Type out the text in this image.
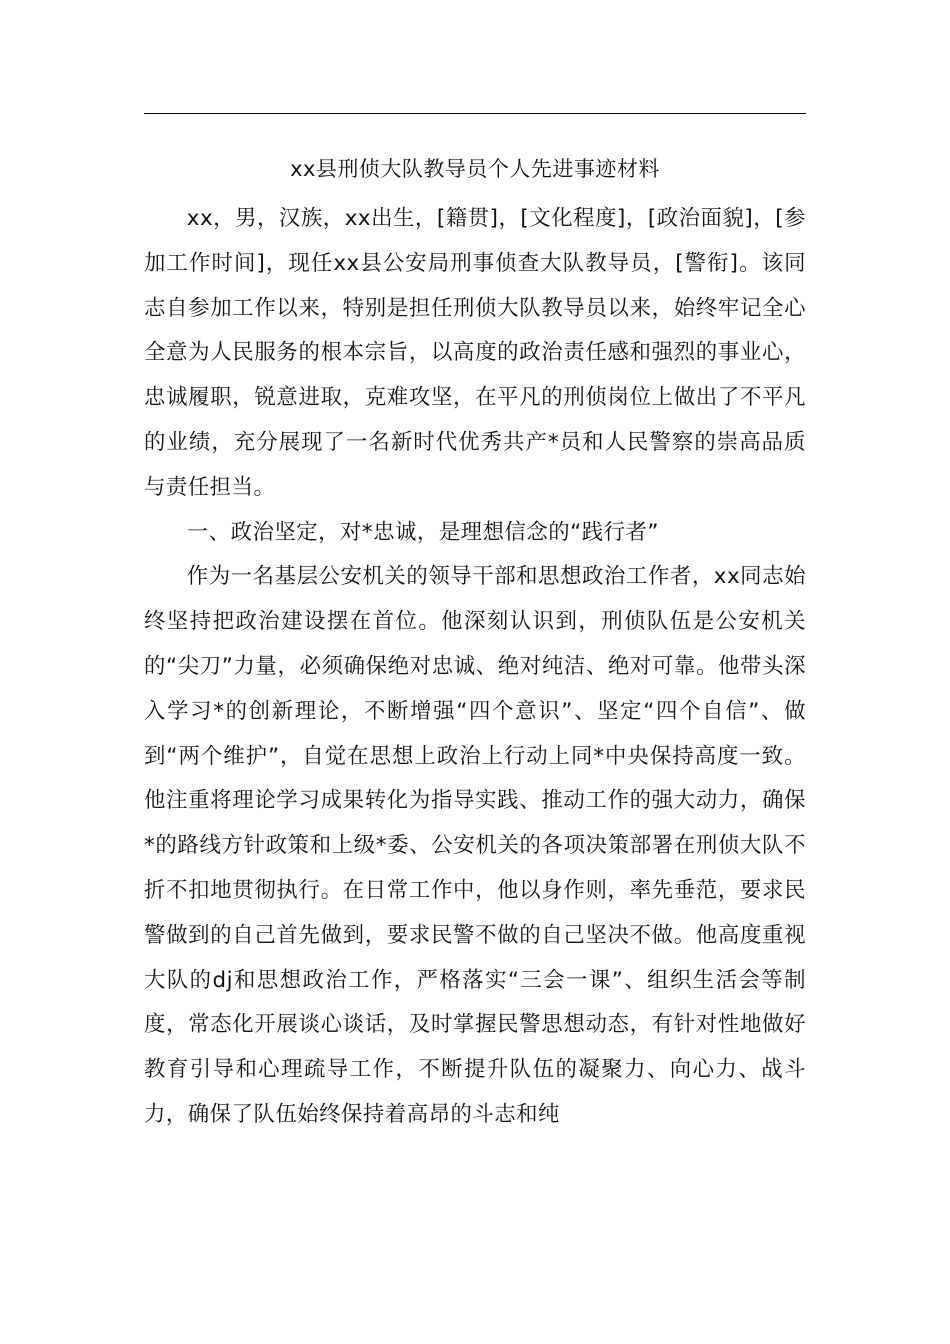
xx县刑侦大队教导员个人先进事迹材料

xx，男，汉族，xx出生，[籍贯]，[文化程度]，[政治面貌]，[参加工作时间]，现任xx县公安局刑事侦查大队教导员，[警衔]。该同志自参加工作以来，特别是担任刑侦大队教导员以来，始终牢记全心全意为人民服务的根本宗旨，以高度的政治责任感和强烈的事业心，忠诚履职，锐意进取，克难攻坚，在平凡的刑侦岗位上做出了不平凡的业绩，充分展现了一名新时代优秀共产*员和人民警察的崇高品质与责任担当。

一、政治坚定，对*忠诚，是理想信念的“践行者”

作为一名基层公安机关的领导干部和思想政治工作者，xx同志始终坚持把政治建设摆在首位。他深刻认识到，刑侦队伍是公安机关的“尖刀”力量，必须确保绝对忠诚、绝对纯洁、绝对可靠。他带头深入学习*的创新理论，不断增强“四个意识”、坚定“四个自信”、做到“两个维护”，自觉在思想上政治上行动上同*中央保持高度一致。他注重将理论学习成果转化为指导实践、推动工作的强大动力，确保*的路线方针政策和上级*委、公安机关的各项决策部署在刑侦大队不折不扣地贯彻执行。在日常工作中，他以身作则，率先垂范，要求民警做到的自己首先做到，要求民警不做的自己坚决不做。他高度重视大队的dj和思想政治工作，严格落实“三会一课”、组织生活会等制度，常态化开展谈心谈话，及时掌握民警思想动态，有针对性地做好教育引导和心理疏导工作，不断提升队伍的凝聚力、向心力、战斗力，确保了队伍始终保持着高昂的斗志和纯
